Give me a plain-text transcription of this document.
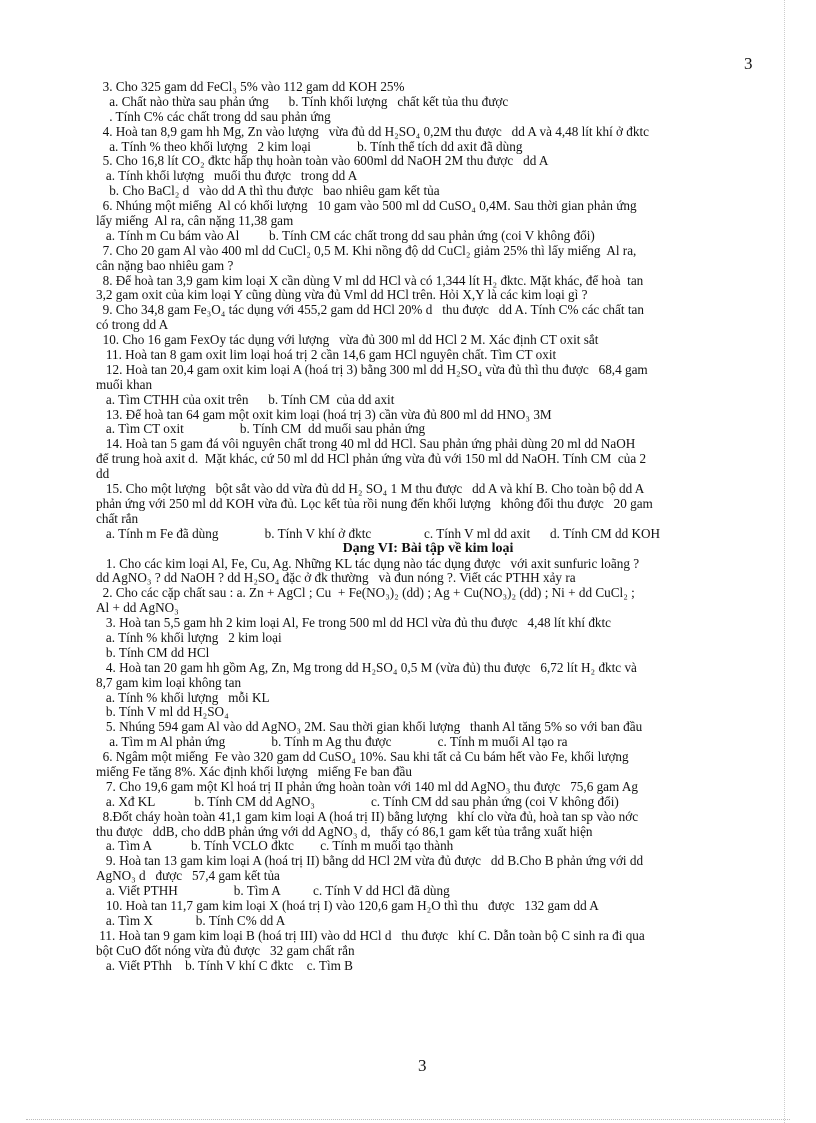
3
3. Cho 325 gam dd FeCl₃ 5% vào 112 gam dd KOH 25%
a. Chất nào thừa sau phản ứng      b. Tính khối lượng   chất kết tủa thu được
. Tính C% các chất trong dd sau phản ứng
4. Hoà tan 8,9 gam hh Mg, Zn vào lượng   vừa đủ dd H₂SO₄ 0,2M thu được   dd A và 4,48 lít khí ở đktc
a. Tính % theo khối lượng   2 kim loại              b. Tính thể tích dd axit đã dùng
5. Cho 16,8 lít CO₂ đktc hấp thụ hoàn toàn vào 600ml dd NaOH 2M thu được   dd A
a. Tính khối lượng   muối thu được   trong dd A
b. Cho BaCl₂ d   vào dd A thì thu được   bao nhiêu gam kết tủa
6. Nhúng một miếng  Al có khối lượng   10 gam vào 500 ml dd CuSO₄ 0,4M. Sau thời gian phản ứng
lấy miếng  Al ra, cân nặng 11,38 gam
a. Tính m Cu bám vào Al         b. Tính CM các chất trong dd sau phản ứng (coi V không đổi)
7. Cho 20 gam Al vào 400 ml dd CuCl₂ 0,5 M. Khi nồng độ dd CuCl₂ giảm 25% thì lấy miếng  Al ra,
cân nặng bao nhiêu gam ?
8. Để hoà tan 3,9 gam kim loại X cần dùng V ml dd HCl và có 1,344 lít H₂ đktc. Mặt khác, để hoà  tan
3,2 gam oxit của kim loại Y cũng dùng vừa đủ Vml dd HCl trên. Hỏi X,Y là các kim loại gì ?
9. Cho 34,8 gam Fe₃O₄ tác dụng với 455,2 gam dd HCl 20% d   thu được   dd A. Tính C% các chất tan
có trong dd A
10. Cho 16 gam FexOy tác dụng với lượng   vừa đủ 300 ml dd HCl 2 M. Xác định CT oxit sắt
11. Hoà tan 8 gam oxit lim loại hoá trị 2 cần 14,6 gam HCl nguyên chất. Tìm CT oxit
12. Hoà tan 20,4 gam oxit kim loại A (hoá trị 3) bằng 300 ml dd H₂SO₄ vừa đủ thì thu được   68,4 gam
muối khan
a. Tìm CTHH của oxit trên      b. Tính CM  của dd axit
13. Để hoà tan 64 gam một oxit kim loại (hoá trị 3) cần vừa đủ 800 ml dd HNO₃ 3M
a. Tìm CT oxit                 b. Tính CM  dd muối sau phản ứng
14. Hoà tan 5 gam đá vôi nguyên chất trong 40 ml dd HCl. Sau phản ứng phải dùng 20 ml dd NaOH
để trung hoà axit d.  Mặt khác, cứ 50 ml dd HCl phản ứng vừa đủ với 150 ml dd NaOH. Tính CM  của 2
dd
15. Cho một lượng   bột sắt vào dd vừa đủ dd H₂ SO₄ 1 M thu được   dd A và khí B. Cho toàn bộ dd A
phản ứng với 250 ml dd KOH vừa đủ. Lọc kết tủa rồi nung đến khối lượng   không đổi thu được   20 gam
chất rắn
a. Tính m Fe đã dùng              b. Tính V khí ở đktc                c. Tính V ml dd axit      d. Tính CM dd KOH
Dạng VI: Bài tập về kim loại
1. Cho các kim loại Al, Fe, Cu, Ag. Những KL tác dụng nào tác dụng được   với axit sunfuric loãng ?
dd AgNO₃ ? dd NaOH ? dd H₂SO₄ đặc ở đk thường   và đun nóng ?. Viết các PTHH xảy ra
2. Cho các cặp chất sau : a. Zn + AgCl ; Cu  + Fe(NO₃)₂ (dd) ; Ag + Cu(NO₃)₂ (dd) ; Ni + dd CuCl₂ ;
Al + dd AgNO₃
3. Hoà tan 5,5 gam hh 2 kim loại Al, Fe trong 500 ml dd HCl vừa đủ thu được   4,48 lít khí đktc
a. Tính % khối lượng   2 kim loại
b. Tính CM dd HCl
4. Hoà tan 20 gam hh gồm Ag, Zn, Mg trong dd H₂SO₄ 0,5 M (vừa đủ) thu được   6,72 lít H₂ đktc và
8,7 gam kim loại không tan
a. Tính % khối lượng   mỗi KL
b. Tính V ml dd H₂SO₄
5. Nhúng 594 gam Al vào dd AgNO₃ 2M. Sau thời gian khối lượng   thanh Al tăng 5% so với ban đầu
a. Tìm m Al phản ứng              b. Tính m Ag thu được              c. Tính m muối Al tạo ra
6. Ngâm một miếng  Fe vào 320 gam dd CuSO₄ 10%. Sau khi tất cả Cu bám hết vào Fe, khối lượng
miếng Fe tăng 8%. Xác định khối lượng   miếng Fe ban đầu
7. Cho 19,6 gam một Kl hoá trị II phản ứng hoàn toàn với 140 ml dd AgNO₃ thu được   75,6 gam Ag
a. Xđ KL            b. Tính CM dd AgNO₃                 c. Tính CM dd sau phản ứng (coi V không đổi)
8.Đốt cháy hoàn toàn 41,1 gam kim loại A (hoá trị II) bằng lượng   khí clo vừa đủ, hoà tan sp vào nớc
thu được   ddB, cho ddB phản ứng với dd AgNO₃ d,   thấy có 86,1 gam kết tủa trắng xuất hiện
a. Tìm A            b. Tính VCLO đktc        c. Tính m muối tạo thành
9. Hoà tan 13 gam kim loại A (hoá trị II) bằng dd HCl 2M vừa đủ được   dd B.Cho B phản ứng với dd
AgNO₃ d   được   57,4 gam kết tủa
a. Viết PTHH                 b. Tìm A          c. Tính V dd HCl đã dùng
10. Hoà tan 11,7 gam kim loại X (hoá trị I) vào 120,6 gam H₂O thì thu   được   132 gam dd A
a. Tìm X             b. Tính C% dd A
11. Hoà tan 9 gam kim loại B (hoá trị III) vào dd HCl d   thu được   khí C. Dẫn toàn bộ C sinh ra đi qua
bột CuO đốt nóng vừa đủ được   32 gam chất rắn
a. Viết PThh    b. Tính V khí C đktc    c. Tìm B
3
